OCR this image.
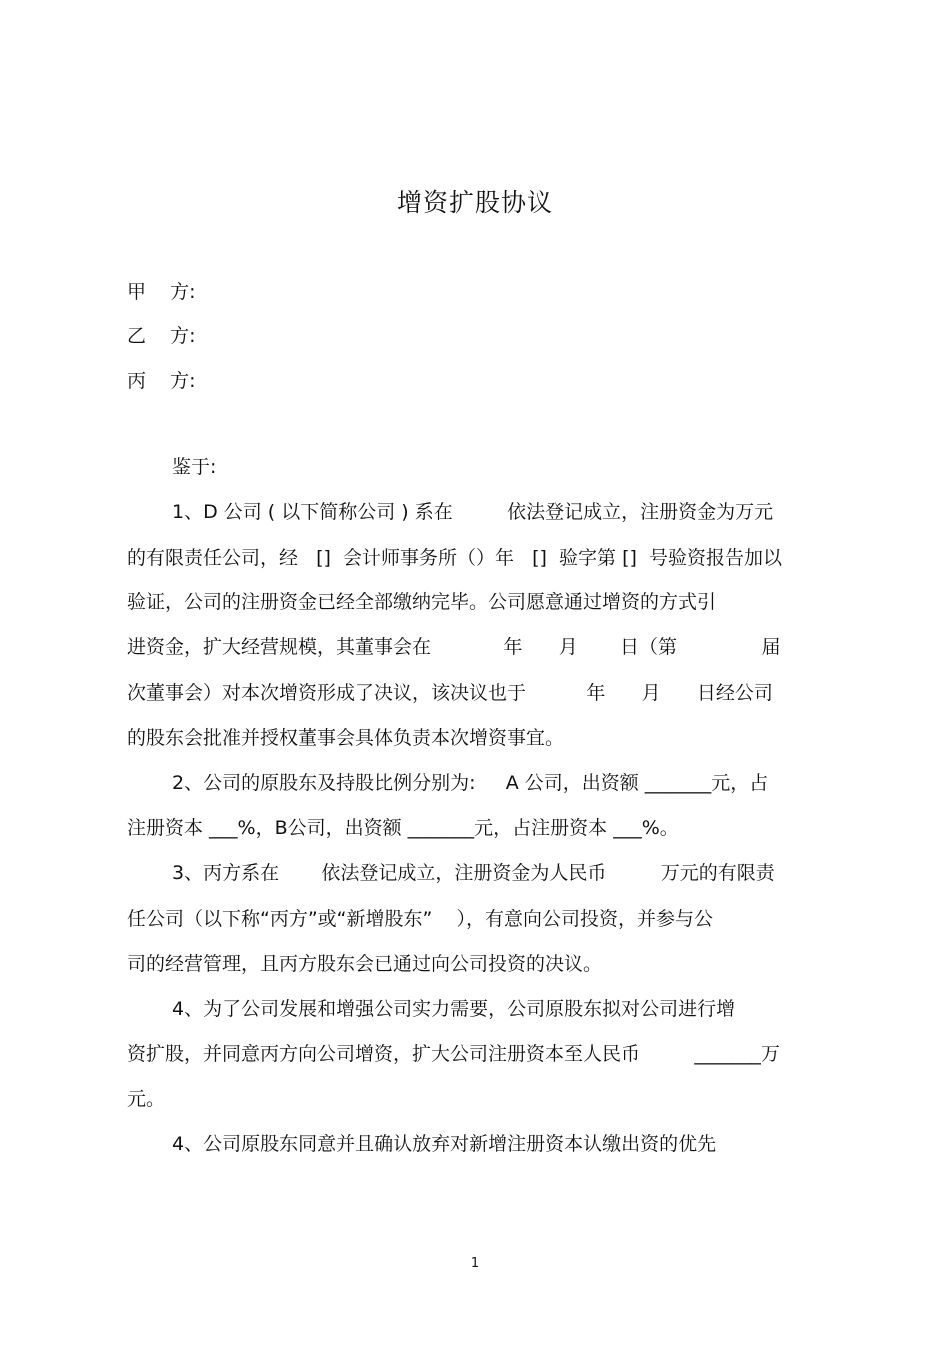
增资扩股协议
甲    方:
乙    方:
丙    方:
鉴于:
1、D 公司 ( 以下简称公司 ) 系在         依法登记成立，注册资金为万元
的有限责任公司，经   []  会计师事务所（）年   []  验字第 []  号验资报告加以
验证，公司的注册资金已经全部缴纳完毕。公司愿意通过增资的方式引
进资金，扩大经营规模，其董事会在            年      月       日（第              届
次董事会）对本次增资形成了决议，该决议也于          年      月      日经公司
的股东会批准并授权董事会具体负责本次增资事宜。
2、公司的原股东及持股比例分别为:     A 公司，出资额 _______元，占
注册资本 ___%，B公司，出资额 _______元，占注册资本 ___%。
3、丙方系在       依法登记成立，注册资金为人民币         万元的有限责
任公司（以下称“丙方”或“新增股东”    ），有意向公司投资，并参与公
司的经营管理，且丙方股东会已通过向公司投资的决议。
4、为了公司发展和增强公司实力需要，公司原股东拟对公司进行增
资扩股，并同意丙方向公司增资，扩大公司注册资本至人民币         _______万
元。
4、公司原股东同意并且确认放弃对新增注册资本认缴出资的优先
1
